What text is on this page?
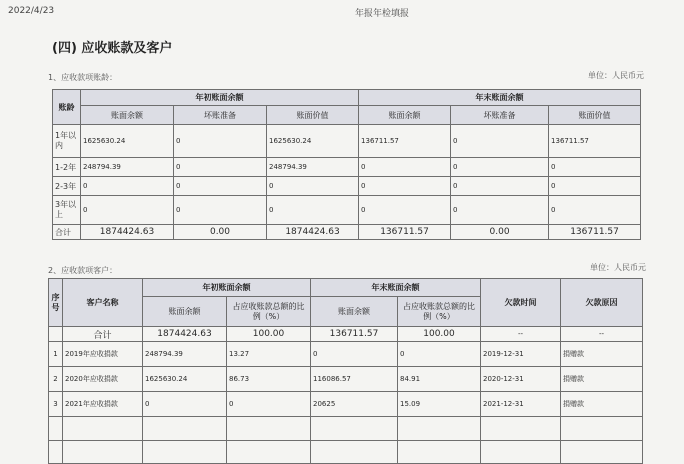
2022/4/23	年报年检填报
(四) 应收账款及客户
1、应收款项账龄：	单位：人民币元
账龄	年初账面余额			年末账面余额		
	账面余额	坏账准备	账面价值	账面余额	坏账准备	账面价值
1年以内	1625630.24	0	1625630.24	136711.57	0	136711.57
1-2年	248794.39	0	248794.39	0	0	0
2-3年	0	0	0	0	0	0
3年以上	0	0	0	0	0	0
合计	1874424.63	0.00	1874424.63	136711.57	0.00	136711.57
2、应收款项客户：	单位：人民币元
序号	客户名称	年初账面余额		年末账面余额		欠款时间	欠款原因
		账面余额	占应收账款总额的比例（%）	账面余额	占应收账款总额的比例（%）		
	合计	1874424.63	100.00	136711.57	100.00	--	--
1	2019年应收捐款	248794.39	13.27	0	0	2019-12-31	捐赠款
2	2020年应收捐款	1625630.24	86.73	116086.57	84.91	2020-12-31	捐赠款
3	2021年应收捐款	0	0	20625	15.09	2021-12-31	捐赠款
